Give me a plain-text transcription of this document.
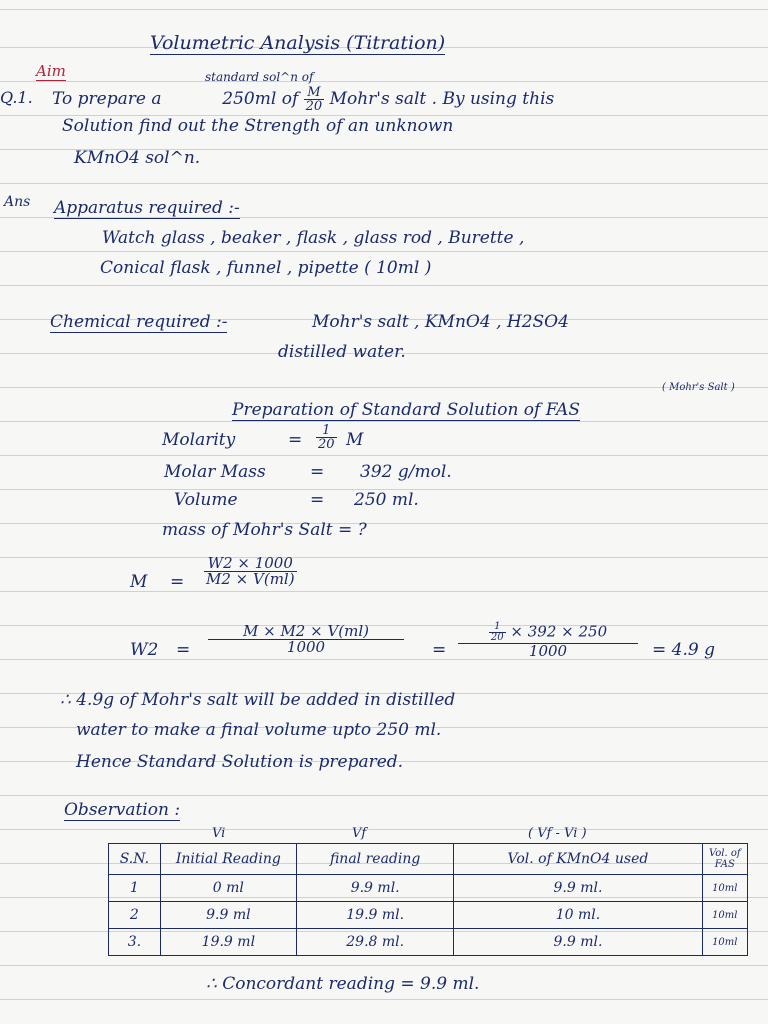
Volumetric Analysis (Titration)
Aim
Q.1.
standard sol^n of
To prepare a	250ml of $\frac{M}{20}$ Mohr's salt . By using this
Solution find out the Strength of an unknown
KMnO4 sol^n.
Ans Apparatus required :-
Watch glass , beaker , flask , glass rod , Burette ,
Conical flask , funnel , pipette ( 10ml )
Chemical required :-	Mohr's salt , KMnO4 , H2SO4
distilled water.
( Mohr's Salt )
Preparation of Standard Solution of FAS
Molarity	= $\frac{1}{20}$ M
Molar Mass	= 392 g/mol.
Volume	= 250 ml.
mass of Mohr's Salt = ?
$M = \frac{W2 \times 1000}{M2 \times V(ml)}$
$W2 = \frac{M \times M2 \times V(ml)}{1000} = \frac{\frac{1}{20} \times 392 \times 250}{1000} = 4.9$ g
∴ 4.9g of Mohr's salt will be added in distilled
water to make a final volume upto 250 ml.
Hence Standard Solution is prepared.
Observation :
Vi	Vf	( Vf - Vi )
S.N.	Initial Reading	final reading	Vol. of KMnO4 used	Vol. of FAS
1	0 ml	9.9 ml.	9.9 ml.	10ml
2	9.9 ml	19.9 ml.	10 ml.	10ml
3.	19.9 ml	29.8 ml.	9.9 ml.	10ml
∴ Concordant reading = 9.9 ml.
